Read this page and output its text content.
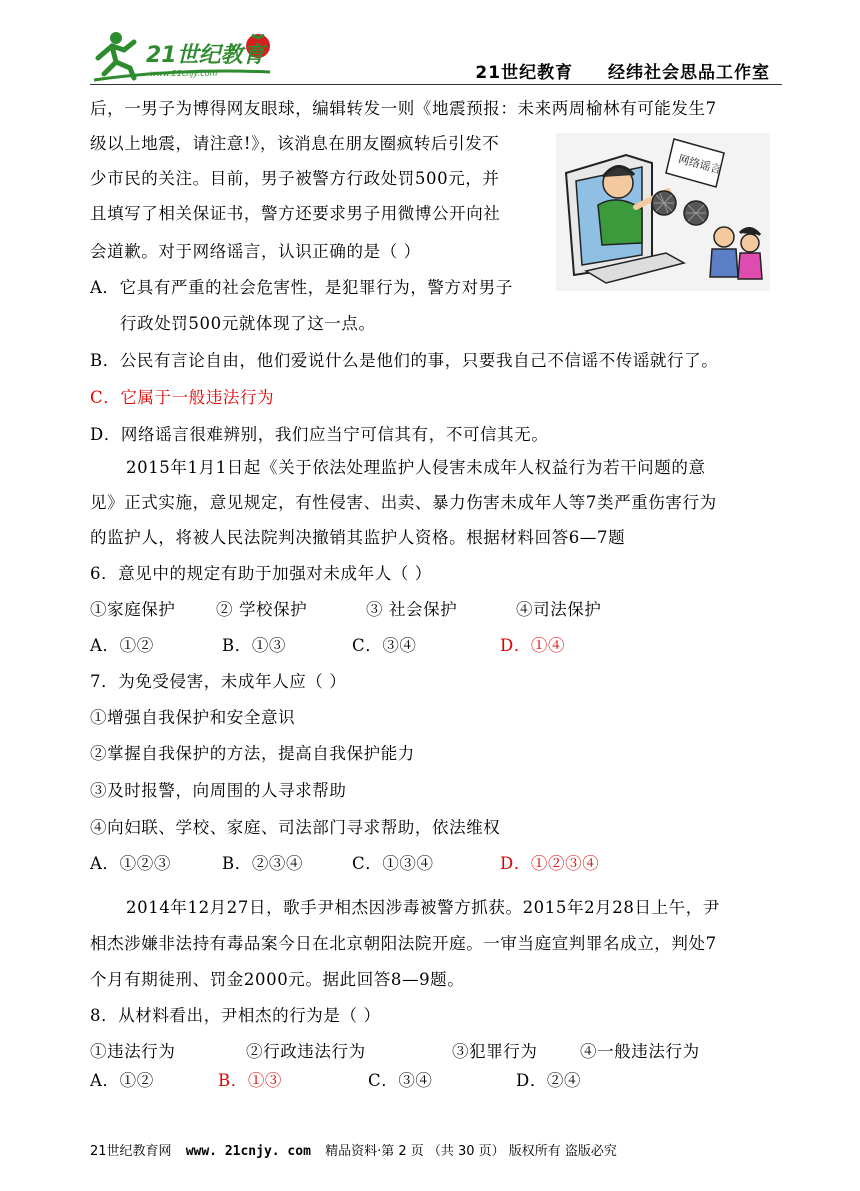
21世纪教育
www.21cnjy.com	21世纪教育 经纬社会思品工作室
后，一男子为博得网友眼球，编辑转发一则《地震预报：未来两周榆林有可能发生7
级以上地震，请注意!》，该消息在朋友圈疯转后引发不
少市民的关注。目前，男子被警方行政处罚500元，并
且填写了相关保证书，警方还要求男子用微博公开向社
会道歉。对于网络谣言，认识正确的是（ ）
网络谣言
A．它具有严重的社会危害性，是犯罪行为，警方对男子
行政处罚500元就体现了这一点。
B．公民有言论自由，他们爱说什么是他们的事，只要我自己不信谣不传谣就行了。
C．它属于一般违法行为
D．网络谣言很难辨别，我们应当宁可信其有，不可信其无。
2015年1月1日起《关于依法处理监护人侵害未成年人权益行为若干问题的意
见》正式实施，意见规定，有性侵害、出卖、暴力伤害未成年人等7类严重伤害行为
的监护人，将被人民法院判决撤销其监护人资格。根据材料回答6—7题
6．意见中的规定有助于加强对未成年人（ ）
①家庭保护 ② 学校保护	③ 社会保护	④司法保护
A．①②	B．①③	C．③④	D．①④
7．为免受侵害，未成年人应（ ）
①增强自我保护和安全意识
②掌握自我保护的方法，提高自我保护能力
③及时报警，向周围的人寻求帮助
④向妇联、学校、家庭、司法部门寻求帮助，依法维权
A．①②③	B．②③④	C．①③④	D．①②③④
2014年12月27日，歌手尹相杰因涉毒被警方抓获。2015年2月28日上午，尹
相杰涉嫌非法持有毒品案今日在北京朝阳法院开庭。一审当庭宣判罪名成立，判处7
个月有期徒刑、罚金2000元。据此回答8—9题。
8．从材料看出，尹相杰的行为是（ ）
①违法行为	②行政违法行为	③犯罪行为	④一般违法行为
A．①②	B．①③	C．③④	D．②④
21世纪教育网 www. 21cnjy. com 精品资料·第 2 页 （共 30 页） 版权所有 盗版必究
